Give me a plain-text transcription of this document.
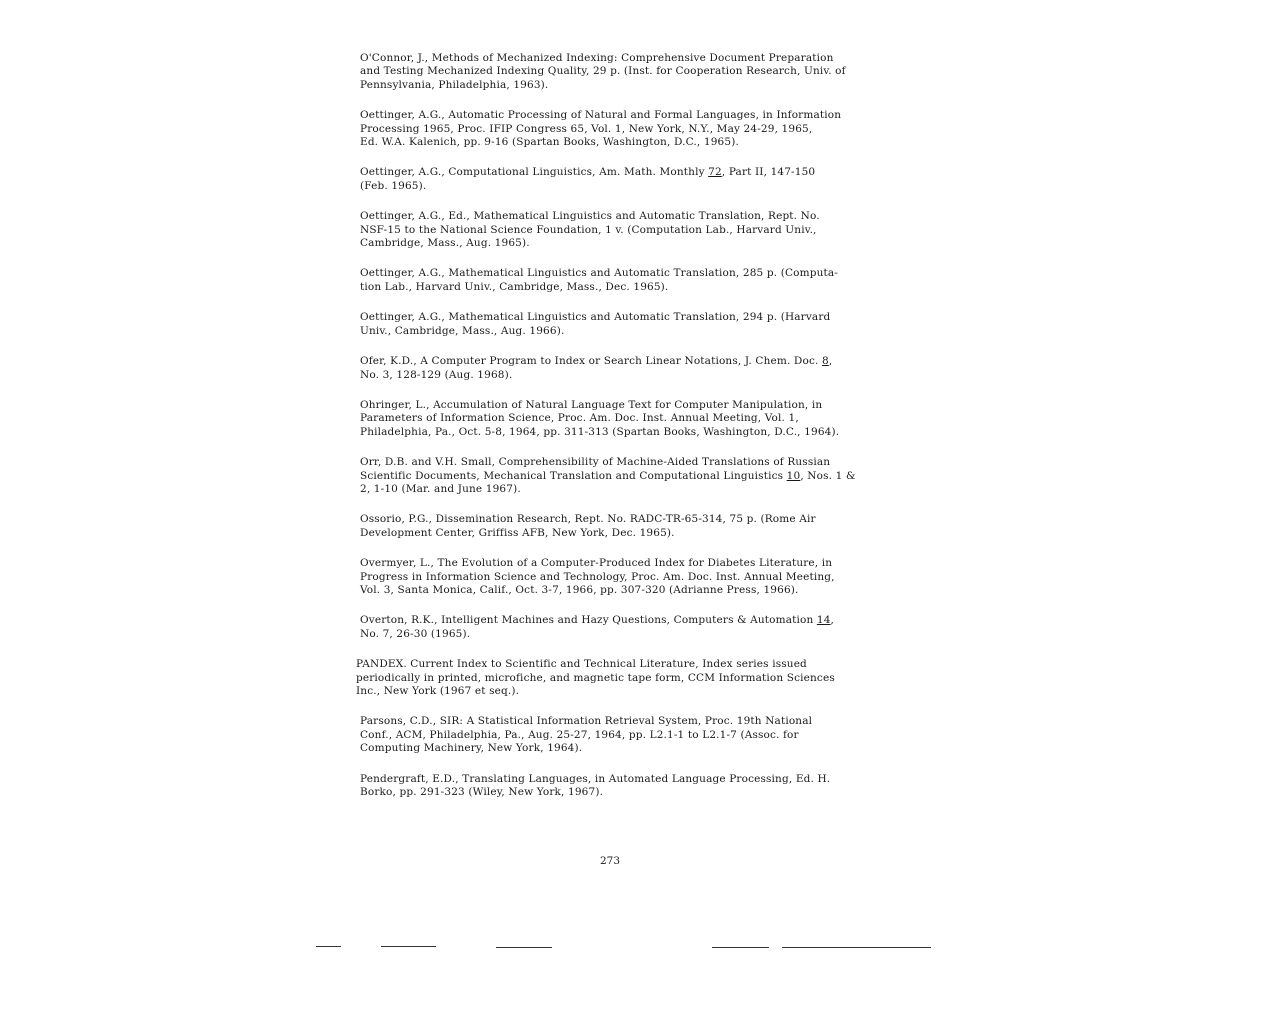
O'Connor, J., Methods of Mechanized Indexing: Comprehensive Document Preparation
and Testing Mechanized Indexing Quality, 29 p. (Inst. for Cooperation Research, Univ. of
Pennsylvania, Philadelphia, 1963).
Oettinger, A.G., Automatic Processing of Natural and Formal Languages, in Information
Processing 1965, Proc. IFIP Congress 65, Vol. 1, New York, N.Y., May 24-29, 1965,
Ed. W.A. Kalenich, pp. 9-16 (Spartan Books, Washington, D.C., 1965).
Oettinger, A.G., Computational Linguistics, Am. Math. Monthly 72, Part II, 147-150
(Feb. 1965).
Oettinger, A.G., Ed., Mathematical Linguistics and Automatic Translation, Rept. No.
NSF-15 to the National Science Foundation, 1 v. (Computation Lab., Harvard Univ.,
Cambridge, Mass., Aug. 1965).
Oettinger, A.G., Mathematical Linguistics and Automatic Translation, 285 p. (Computa-
tion Lab., Harvard Univ., Cambridge, Mass., Dec. 1965).
Oettinger, A.G., Mathematical Linguistics and Automatic Translation, 294 p. (Harvard
Univ., Cambridge, Mass., Aug. 1966).
Ofer, K.D., A Computer Program to Index or Search Linear Notations, J. Chem. Doc. 8,
No. 3, 128-129 (Aug. 1968).
Ohringer, L., Accumulation of Natural Language Text for Computer Manipulation, in
Parameters of Information Science, Proc. Am. Doc. Inst. Annual Meeting, Vol. 1,
Philadelphia, Pa., Oct. 5-8, 1964, pp. 311-313 (Spartan Books, Washington, D.C., 1964).
Orr, D.B. and V.H. Small, Comprehensibility of Machine-Aided Translations of Russian
Scientific Documents, Mechanical Translation and Computational Linguistics 10, Nos. 1 &
2, 1-10 (Mar. and June 1967).
Ossorio, P.G., Dissemination Research, Rept. No. RADC-TR-65-314, 75 p. (Rome Air
Development Center, Griffiss AFB, New York, Dec. 1965).
Overmyer, L., The Evolution of a Computer-Produced Index for Diabetes Literature, in
Progress in Information Science and Technology, Proc. Am. Doc. Inst. Annual Meeting,
Vol. 3, Santa Monica, Calif., Oct. 3-7, 1966, pp. 307-320 (Adrianne Press, 1966).
Overton, R.K., Intelligent Machines and Hazy Questions, Computers & Automation 14,
No. 7, 26-30 (1965).
PANDEX. Current Index to Scientific and Technical Literature, Index series issued
periodically in printed, microfiche, and magnetic tape form, CCM Information Sciences
Inc., New York (1967 et seq.).
Parsons, C.D., SIR: A Statistical Information Retrieval System, Proc. 19th National
Conf., ACM, Philadelphia, Pa., Aug. 25-27, 1964, pp. L2.1-1 to L2.1-7 (Assoc. for
Computing Machinery, New York, 1964).
Pendergraft, E.D., Translating Languages, in Automated Language Processing, Ed. H.
Borko, pp. 291-323 (Wiley, New York, 1967).
273
